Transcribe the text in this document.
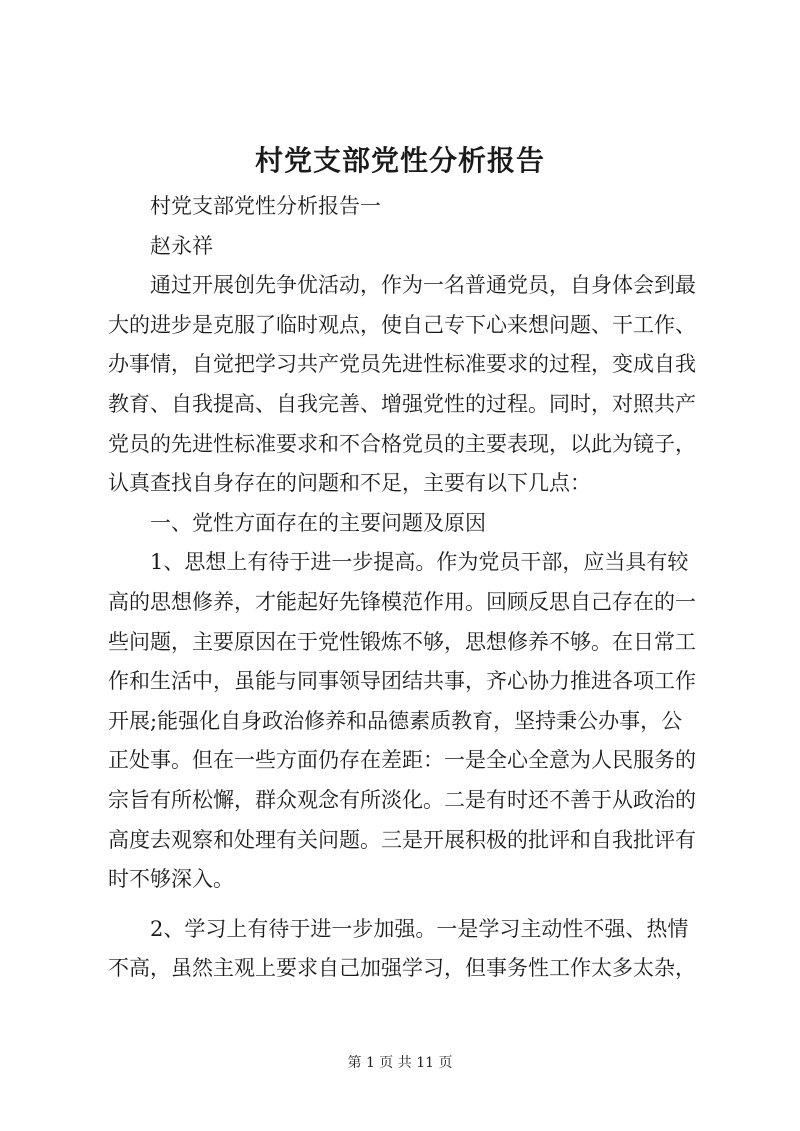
村党支部党性分析报告
村党支部党性分析报告一
赵永祥
通过开展创先争优活动，作为一名普通党员，自身体会到最
大的进步是克服了临时观点，使自己专下心来想问题、干工作、
办事情，自觉把学习共产党员先进性标准要求的过程，变成自我
教育、自我提高、自我完善、增强党性的过程。同时，对照共产
党员的先进性标准要求和不合格党员的主要表现，以此为镜子，
认真查找自身存在的问题和不足，主要有以下几点：
一、党性方面存在的主要问题及原因
1、思想上有待于进一步提高。作为党员干部，应当具有较
高的思想修养，才能起好先锋模范作用。回顾反思自己存在的一
些问题，主要原因在于党性锻炼不够，思想修养不够。在日常工
作和生活中，虽能与同事领导团结共事，齐心协力推进各项工作
开展;能强化自身政治修养和品德素质教育，坚持秉公办事，公
正处事。但在一些方面仍存在差距：一是全心全意为人民服务的
宗旨有所松懈，群众观念有所淡化。二是有时还不善于从政治的
高度去观察和处理有关问题。三是开展积极的批评和自我批评有
时不够深入。
2、学习上有待于进一步加强。一是学习主动性不强、热情
不高，虽然主观上要求自己加强学习，但事务性工作太多太杂，
第 1 页 共 11 页
